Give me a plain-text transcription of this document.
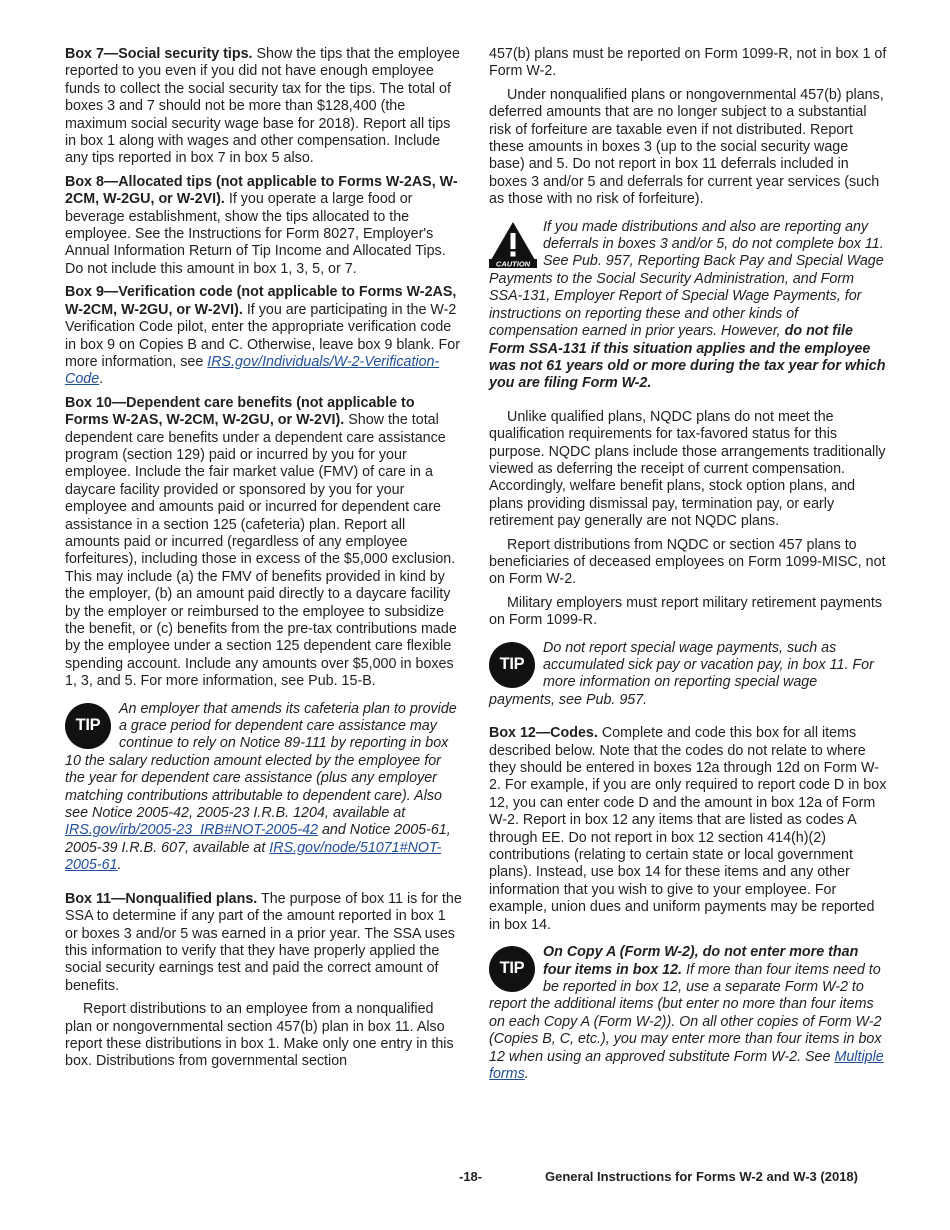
Box 7—Social security tips. Show the tips that the employee reported to you even if you did not have enough employee funds to collect the social security tax for the tips. The total of boxes 3 and 7 should not be more than $128,400 (the maximum social security wage base for 2018). Report all tips in box 1 along with wages and other compensation. Include any tips reported in box 7 in box 5 also.

Box 8—Allocated tips (not applicable to Forms W-2AS, W-2CM, W-2GU, or W-2VI). If you operate a large food or beverage establishment, show the tips allocated to the employee. See the Instructions for Form 8027, Employer's Annual Information Return of Tip Income and Allocated Tips. Do not include this amount in box 1, 3, 5, or 7.

Box 9—Verification code (not applicable to Forms W-2AS, W-2CM, W-2GU, or W-2VI). If you are participating in the W-2 Verification Code pilot, enter the appropriate verification code in box 9 on Copies B and C. Otherwise, leave box 9 blank. For more information, see IRS.gov/Individuals/W-2-Verification-Code.

Box 10—Dependent care benefits (not applicable to Forms W-2AS, W-2CM, W-2GU, or W-2VI). Show the total dependent care benefits under a dependent care assistance program (section 129) paid or incurred by you for your employee. Include the fair market value (FMV) of care in a daycare facility provided or sponsored by you for your employee and amounts paid or incurred for dependent care assistance in a section 125 (cafeteria) plan. Report all amounts paid or incurred (regardless of any employee forfeitures), including those in excess of the $5,000 exclusion. This may include (a) the FMV of benefits provided in kind by the employer, (b) an amount paid directly to a daycare facility by the employer or reimbursed to the employee to subsidize the benefit, or (c) benefits from the pre-tax contributions made by the employee under a section 125 dependent care flexible spending account. Include any amounts over $5,000 in boxes 1, 3, and 5. For more information, see Pub. 15-B.

TIP
An employer that amends its cafeteria plan to provide a grace period for dependent care assistance may continue to rely on Notice 89-111 by reporting in box 10 the salary reduction amount elected by the employee for the year for dependent care assistance (plus any employer matching contributions attributable to dependent care). Also see Notice 2005-42, 2005-23 I.R.B. 1204, available at IRS.gov/irb/2005-23_IRB#NOT-2005-42 and Notice 2005-61, 2005-39 I.R.B. 607, available at IRS.gov/node/51071#NOT-2005-61.

Box 11—Nonqualified plans. The purpose of box 11 is for the SSA to determine if any part of the amount reported in box 1 or boxes 3 and/or 5 was earned in a prior year. The SSA uses this information to verify that they have properly applied the social security earnings test and paid the correct amount of benefits.

Report distributions to an employee from a nonqualified plan or nongovernmental section 457(b) plan in box 11. Also report these distributions in box 1. Make only one entry in this box. Distributions from governmental section

457(b) plans must be reported on Form 1099-R, not in box 1 of Form W-2.

Under nonqualified plans or nongovernmental 457(b) plans, deferred amounts that are no longer subject to a substantial risk of forfeiture are taxable even if not distributed. Report these amounts in boxes 3 (up to the social security wage base) and 5. Do not report in box 11 deferrals included in boxes 3 and/or 5 and deferrals for current year services (such as those with no risk of forfeiture).

CAUTION
If you made distributions and also are reporting any deferrals in boxes 3 and/or 5, do not complete box 11. See Pub. 957, Reporting Back Pay and Special Wage Payments to the Social Security Administration, and Form SSA-131, Employer Report of Special Wage Payments, for instructions on reporting these and other kinds of compensation earned in prior years. However, do not file Form SSA-131 if this situation applies and the employee was not 61 years old or more during the tax year for which you are filing Form W-2.

Unlike qualified plans, NQDC plans do not meet the qualification requirements for tax-favored status for this purpose. NQDC plans include those arrangements traditionally viewed as deferring the receipt of current compensation. Accordingly, welfare benefit plans, stock option plans, and plans providing dismissal pay, termination pay, or early retirement pay generally are not NQDC plans.

Report distributions from NQDC or section 457 plans to beneficiaries of deceased employees on Form 1099-MISC, not on Form W-2.

Military employers must report military retirement payments on Form 1099-R.

TIP
Do not report special wage payments, such as accumulated sick pay or vacation pay, in box 11. For more information on reporting special wage payments, see Pub. 957.

Box 12—Codes. Complete and code this box for all items described below. Note that the codes do not relate to where they should be entered in boxes 12a through 12d on Form W-2. For example, if you are only required to report code D in box 12, you can enter code D and the amount in box 12a of Form W-2. Report in box 12 any items that are listed as codes A through EE. Do not report in box 12 section 414(h)(2) contributions (relating to certain state or local government plans). Instead, use box 14 for these items and any other information that you wish to give to your employee. For example, union dues and uniform payments may be reported in box 14.

TIP
On Copy A (Form W-2), do not enter more than four items in box 12. If more than four items need to be reported in box 12, use a separate Form W-2 to report the additional items (but enter no more than four items on each Copy A (Form W-2)). On all other copies of Form W-2 (Copies B, C, etc.), you may enter more than four items in box 12 when using an approved substitute Form W-2. See Multiple forms.
-18-	General Instructions for Forms W-2 and W-3 (2018)
